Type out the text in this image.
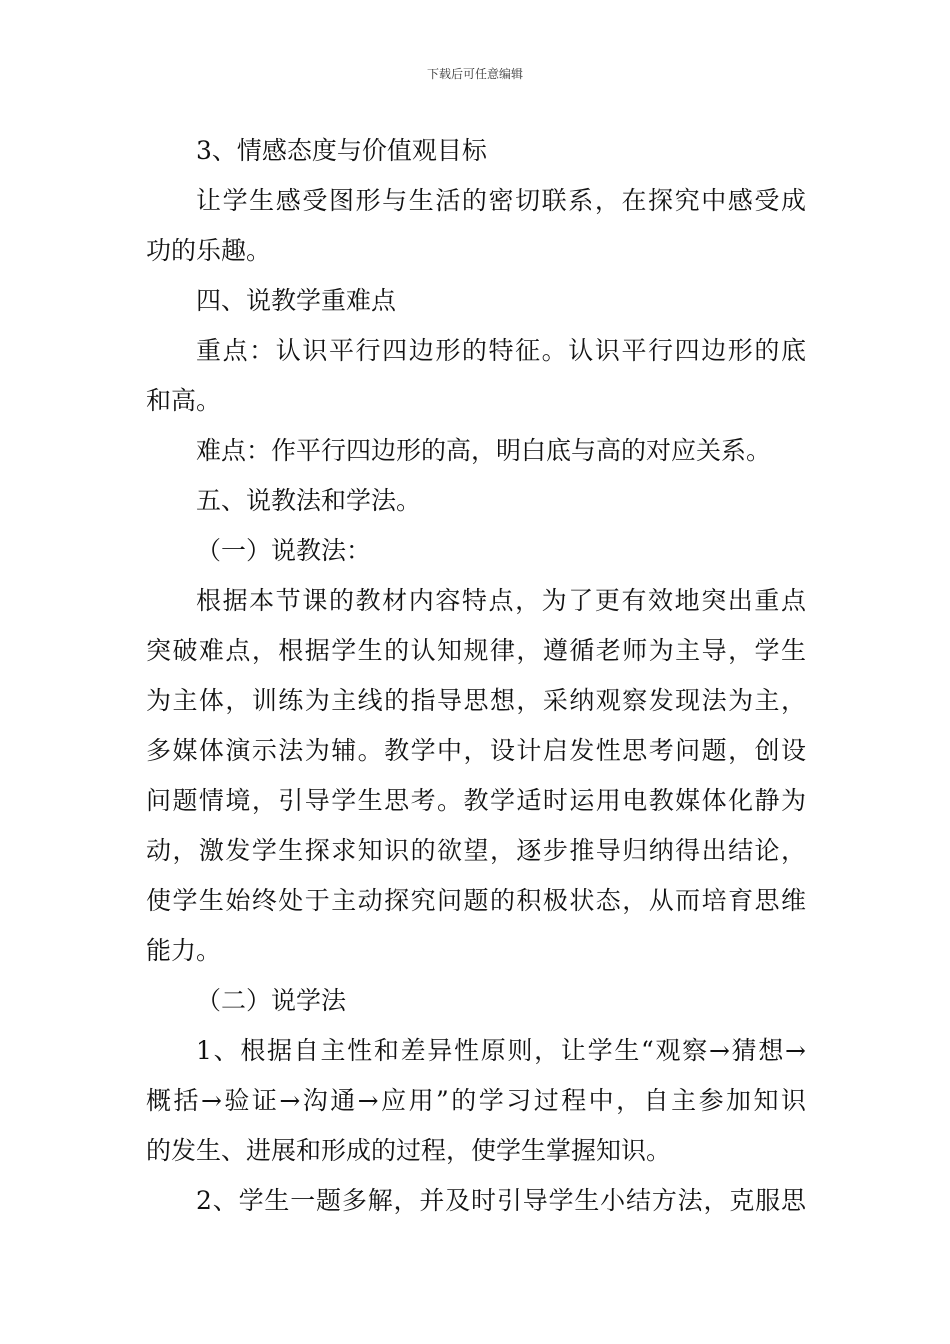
下载后可任意编辑
3、情感态度与价值观目标
让学生感受图形与生活的密切联系，在探究中感受成
功的乐趣。
四、说教学重难点
重点：认识平行四边形的特征。认识平行四边形的底
和高。
难点：作平行四边形的高，明白底与高的对应关系。
五、说教法和学法。
（一）说教法：
根据本节课的教材内容特点，为了更有效地突出重点
突破难点，根据学生的认知规律，遵循老师为主导，学生
为主体，训练为主线的指导思想，采纳观察发现法为主，
多媒体演示法为辅。教学中，设计启发性思考问题，创设
问题情境，引导学生思考。教学适时运用电教媒体化静为
动，激发学生探求知识的欲望，逐步推导归纳得出结论，
使学生始终处于主动探究问题的积极状态，从而培育思维
能力。
（二）说学法
1、根据自主性和差异性原则，让学生“观察→猜想→
概括→验证→沟通→应用”的学习过程中，自主参加知识
的发生、进展和形成的过程，使学生掌握知识。
2、学生一题多解，并及时引导学生小结方法，克服思
